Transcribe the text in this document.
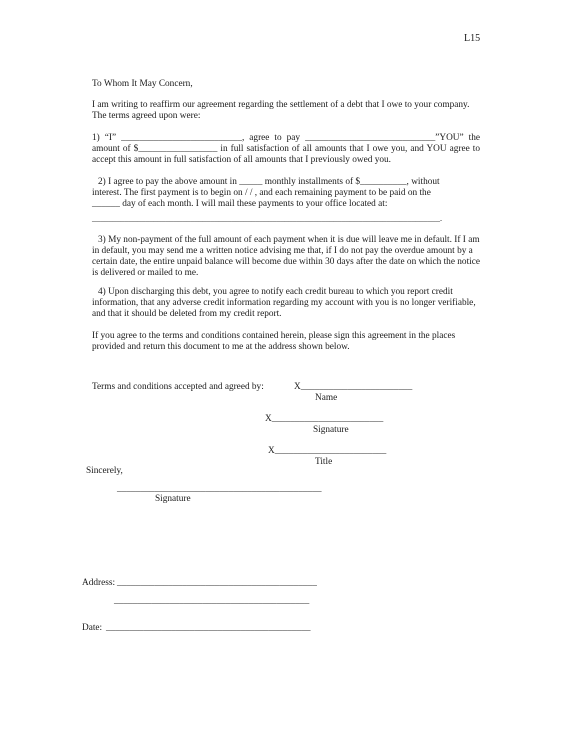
L15
To Whom It May Concern,
I am writing to reaffirm our agreement regarding the settlement of a debt that I owe to your company.
The terms agreed upon were:
1) “I” __________________________, agree to pay ____________________________”YOU” the
amount of $_________________ in full satisfaction of all amounts that I owe you, and YOU agree to
accept this amount in full satisfaction of all amounts that I previously owed you.
2) I agree to pay the above amount in _____ monthly installments of $__________, without
interest. The first payment is to begin on / / , and each remaining payment to be paid on the
______ day of each month. I will mail these payments to your office located at:
_____________________________________________________________________________________.
3) My non-payment of the full amount of each payment when it is due will leave me in default. If I am
in default, you may send me a written notice advising me that, if I do not pay the overdue amount by a
certain date, the entire unpaid balance will become due within 30 days after the date on which the notice
is delivered or mailed to me.
4) Upon discharging this debt, you agree to notify each credit bureau to which you report credit
information, that any adverse credit information regarding my account with you is no longer verifiable,
and that it should be deleted from my credit report.
If you agree to the terms and conditions contained herein, please sign this agreement in the places
provided and return this document to me at the address shown below.
Terms and conditions accepted and agreed by:	X________________________
Name
X________________________
Signature
X________________________
Title
Sincerely,
____________________________________________
Signature
Address: ___________________________________________
__________________________________________
Date: ____________________________________________
